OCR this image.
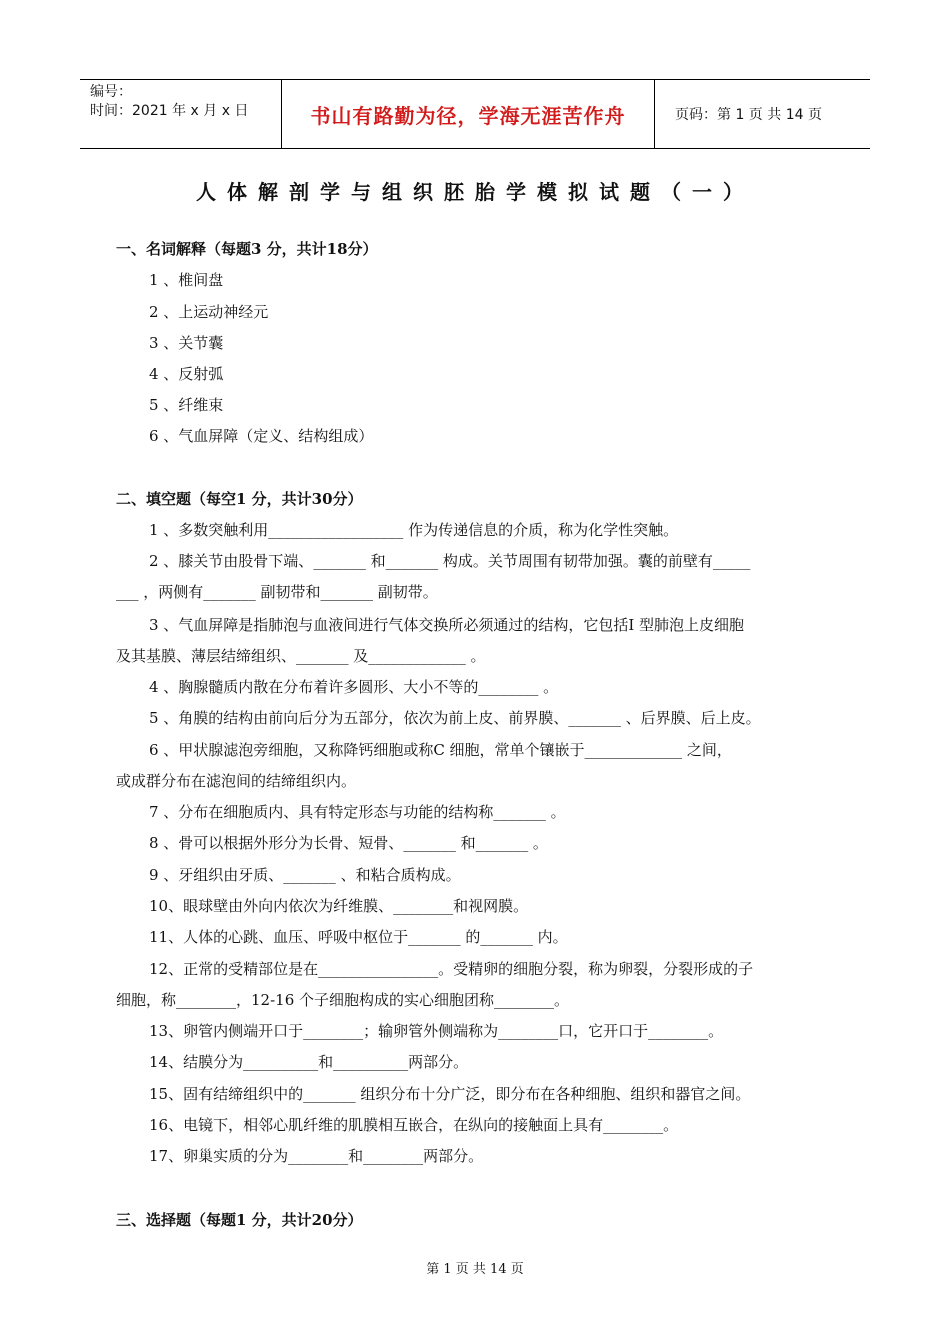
编号：
时间：2021 年 x 月 x 日	书山有路勤为径，学海无涯苦作舟	页码：第 1 页 共 14 页
人体解剖学与组织胚胎学模拟试题（一）
一、名词解释（每题3 分，共计18分）
1 、椎间盘
2 、上运动神经元
3 、关节囊
4 、反射弧
5 、纤维束
6 、气血屏障（定义、结构组成）
二、填空题（每空1 分，共计30分）
1 、多数突触利用__________________ 作为传递信息的介质，称为化学性突触。
2 、膝关节由股骨下端、_______ 和_______ 构成。关节周围有韧带加强。囊的前壁有_____
___ ，两侧有_______ 副韧带和_______ 副韧带。
3 、气血屏障是指肺泡与血液间进行气体交换所必须通过的结构，它包括I 型肺泡上皮细胞
及其基膜、薄层结缔组织、_______ 及_____________ 。
4 、胸腺髓质内散在分布着许多圆形、大小不等的________ 。
5 、角膜的结构由前向后分为五部分，依次为前上皮、前界膜、_______ 、后界膜、后上皮。
6 、甲状腺滤泡旁细胞，又称降钙细胞或称C 细胞，常单个镶嵌于_____________ 之间，
或成群分布在滤泡间的结缔组织内。
7 、分布在细胞质内、具有特定形态与功能的结构称_______ 。
8 、骨可以根据外形分为长骨、短骨、_______ 和_______ 。
9 、牙组织由牙质、_______ 、和粘合质构成。
10、眼球壁由外向内依次为纤维膜、________和视网膜。
11、人体的心跳、血压、呼吸中枢位于_______ 的_______ 内。
12、正常的受精部位是在________________。受精卵的细胞分裂，称为卵裂，分裂形成的子
细胞，称________，12-16 个子细胞构成的实心细胞团称________。
13、卵管内侧端开口于________；输卵管外侧端称为________口，它开口于________。
14、结膜分为__________和__________两部分。
15、固有结缔组织中的_______ 组织分布十分广泛，即分布在各种细胞、组织和器官之间。
16、电镜下，相邻心肌纤维的肌膜相互嵌合，在纵向的接触面上具有________。
17、卵巢实质的分为________和________两部分。
三、选择题（每题1 分，共计20分）
第 1 页 共 14 页
